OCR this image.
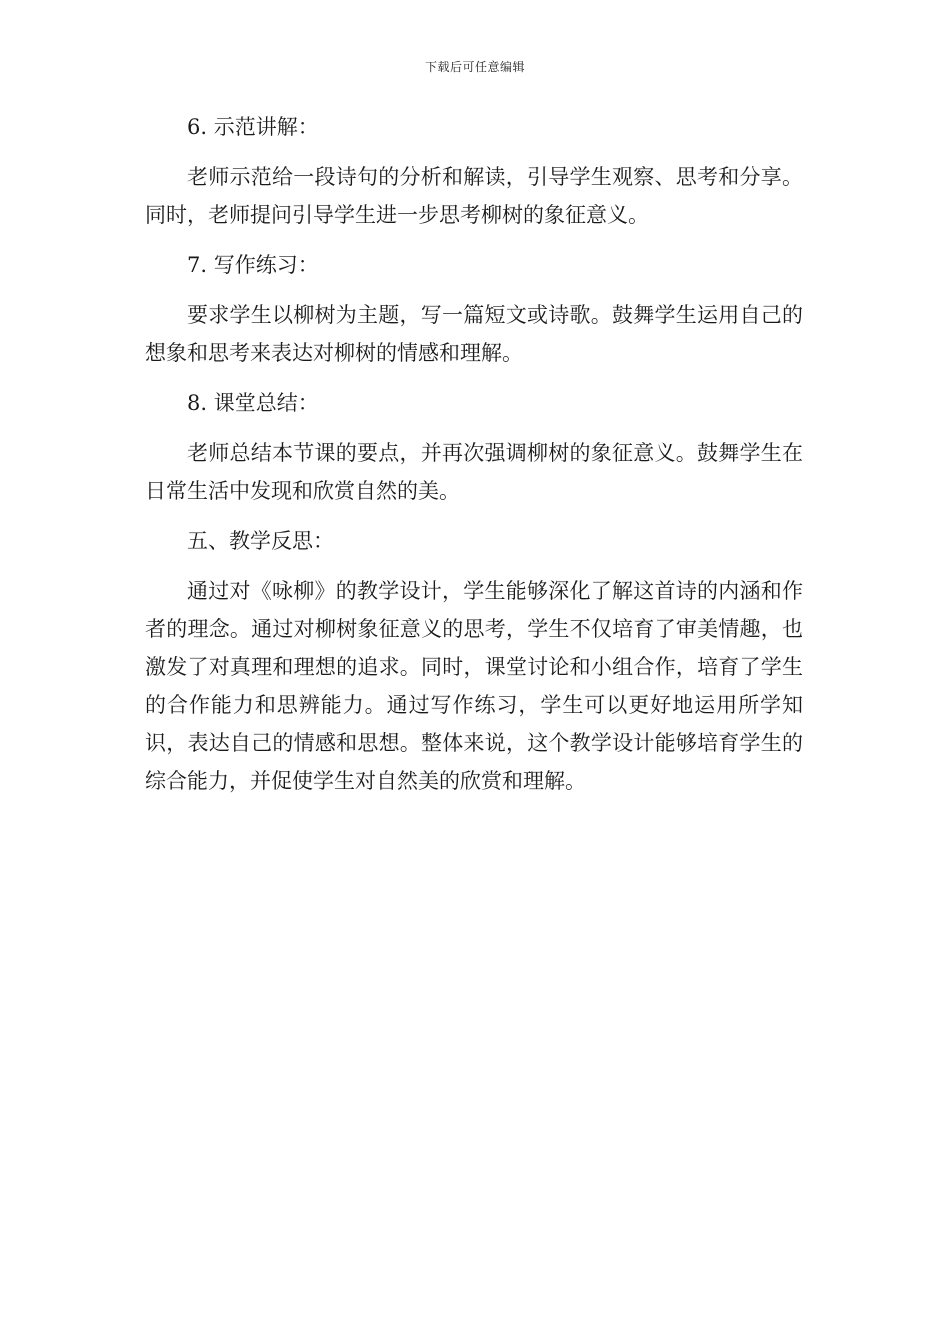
下载后可任意编辑

6. 示范讲解：

老师示范给一段诗句的分析和解读，引导学生观察、思考和分享。同时，老师提问引导学生进一步思考柳树的象征意义。

7. 写作练习：

要求学生以柳树为主题，写一篇短文或诗歌。鼓舞学生运用自己的想象和思考来表达对柳树的情感和理解。

8. 课堂总结：

老师总结本节课的要点，并再次强调柳树的象征意义。鼓舞学生在日常生活中发现和欣赏自然的美。

五、教学反思：

通过对《咏柳》的教学设计，学生能够深化了解这首诗的内涵和作者的理念。通过对柳树象征意义的思考，学生不仅培育了审美情趣，也激发了对真理和理想的追求。同时，课堂讨论和小组合作，培育了学生的合作能力和思辨能力。通过写作练习，学生可以更好地运用所学知识，表达自己的情感和思想。整体来说，这个教学设计能够培育学生的综合能力，并促使学生对自然美的欣赏和理解。
